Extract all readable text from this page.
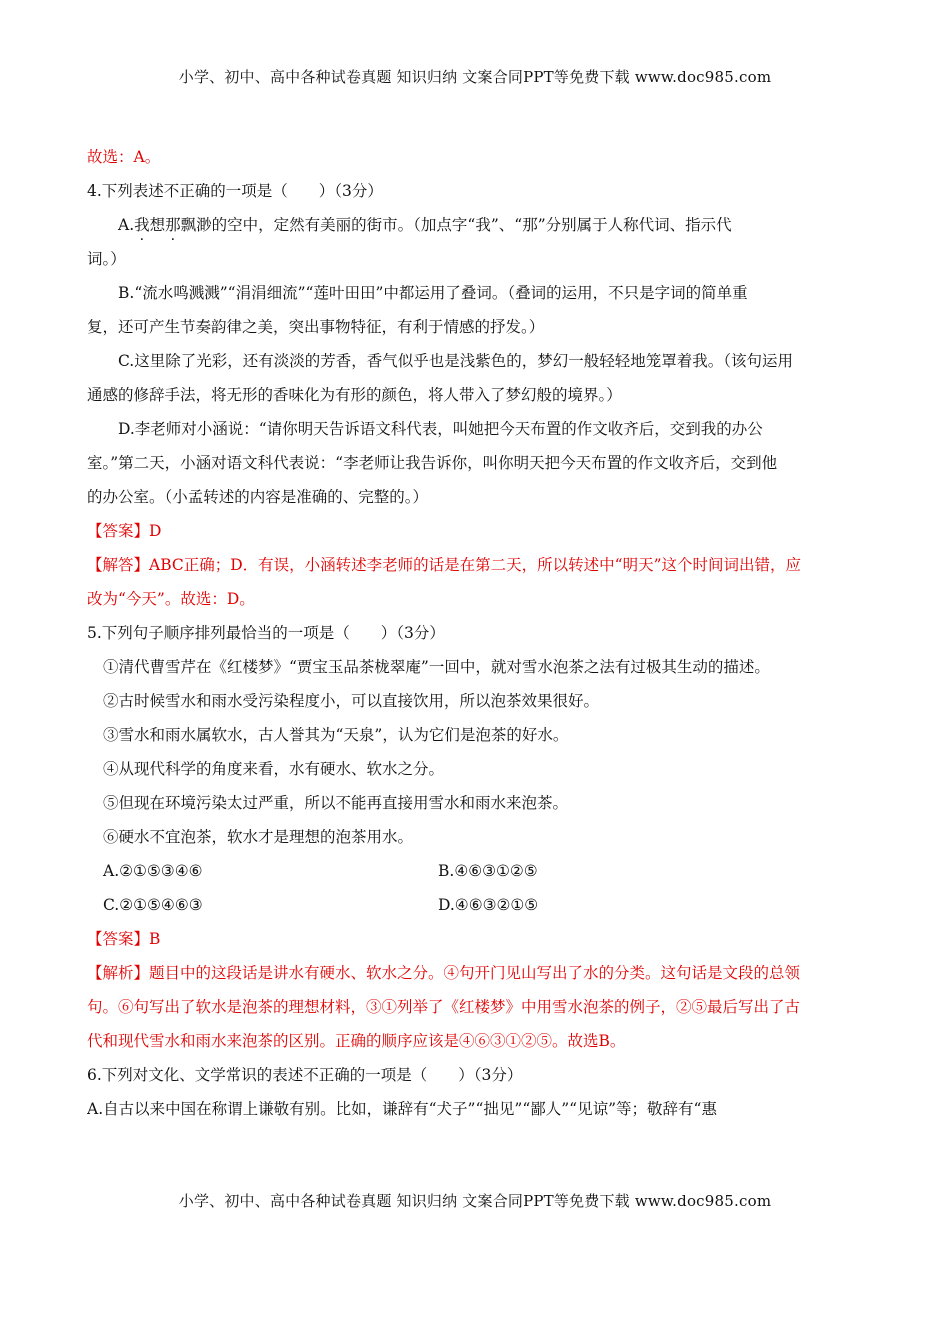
小学、初中、高中各种试卷真题 知识归纳 文案合同PPT等免费下载 www.doc985.com
故选：A。
4.下列表述不正确的一项是（　　）（3分）
A.我想那飘渺的空中，定然有美丽的街市。（加点字“我”、“那”分别属于人称代词、指示代
词。）
B.“流水鸣溅溅”“涓涓细流”“莲叶田田”中都运用了叠词。（叠词的运用，不只是字词的简单重
复，还可产生节奏韵律之美，突出事物特征，有利于情感的抒发。）
C.这里除了光彩，还有淡淡的芳香，香气似乎也是浅紫色的，梦幻一般轻轻地笼罩着我。（该句运用
通感的修辞手法，将无形的香味化为有形的颜色，将人带入了梦幻般的境界。）
D.李老师对小涵说：“请你明天告诉语文科代表，叫她把今天布置的作文收齐后，交到我的办公
室。”第二天，小涵对语文科代表说：“李老师让我告诉你，叫你明天把今天布置的作文收齐后，交到他
的办公室。（小孟转述的内容是准确的、完整的。）
【答案】D
【解答】ABC正确；D．有误，小涵转述李老师的话是在第二天，所以转述中“明天”这个时间词出错，应
改为“今天”。故选：D。
5.下列句子顺序排列最恰当的一项是（　　）（3分）
①清代曹雪芹在《红楼梦》“贾宝玉品茶栊翠庵”一回中，就对雪水泡茶之法有过极其生动的描述。
②古时候雪水和雨水受污染程度小，可以直接饮用，所以泡茶效果很好。
③雪水和雨水属软水，古人誉其为“天泉”，认为它们是泡茶的好水。
④从现代科学的角度来看，水有硬水、软水之分。
⑤但现在环境污染太过严重，所以不能再直接用雪水和雨水来泡茶。
⑥硬水不宜泡茶，软水才是理想的泡茶用水。
A.②①⑤③④⑥	B.④⑥③①②⑤
C.②①⑤④⑥③	D.④⑥③②①⑤
【答案】B
【解析】题目中的这段话是讲水有硬水、软水之分。④句开门见山写出了水的分类。这句话是文段的总领
句。⑥句写出了软水是泡茶的理想材料，③①列举了《红楼梦》中用雪水泡茶的例子，②⑤最后写出了古
代和现代雪水和雨水来泡茶的区别。正确的顺序应该是④⑥③①②⑤。故选B。
6.下列对文化、文学常识的表述不正确的一项是（　　）（3分）
A.自古以来中国在称谓上谦敬有别。比如，谦辞有“犬子”“拙见”“鄙人”“见谅”等；敬辞有“惠
小学、初中、高中各种试卷真题 知识归纳 文案合同PPT等免费下载 www.doc985.com
